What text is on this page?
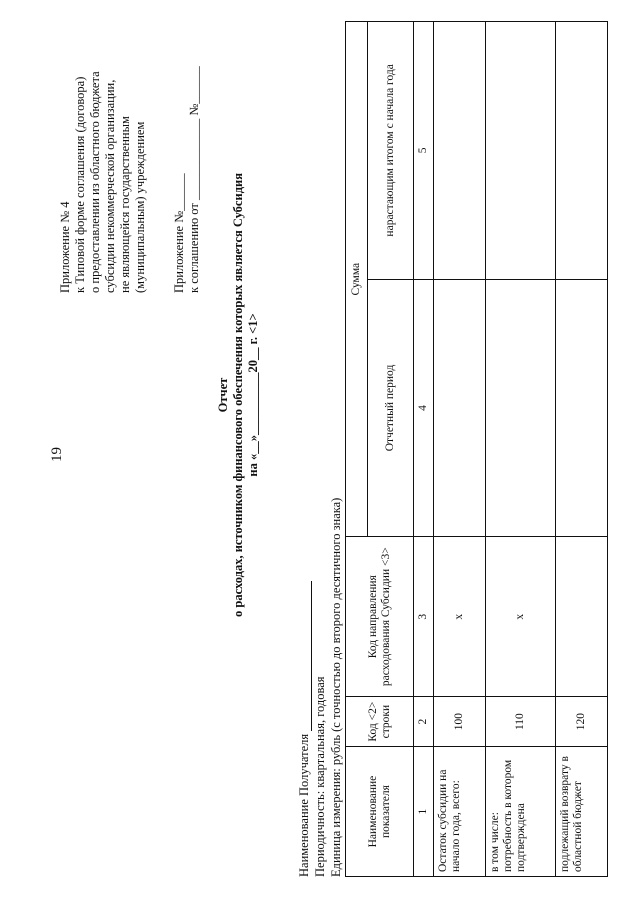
19
Приложение № 4 к Типовой форме соглашения (договора) о предоставлении из областного бюджета субсидии некоммерческой организации, не являющейся государственным (муниципальным) учреждением Приложение №______ к соглашению от _____________ №______
Отчет о расходах, источником финансового обеспечения которых является Субсидия на «__»__________20__ г. <1>
Наименование Получателя Периодичность: квартальная, годовая Единица измерения: рубль (с точностью до второго десятичного знака) Наименование показателя	Код <2> строки	Код направления расходования Субсидии <3>	Сумма	
			Отчетный период	нарастающим итогом с начала года
1	2	3	4	5
Остаток субсидии на начало года, всего:	100	x		
в том числе: потребность в котором подтверждена	110	x		
подлежащий возврату в областной бюджет	120			
